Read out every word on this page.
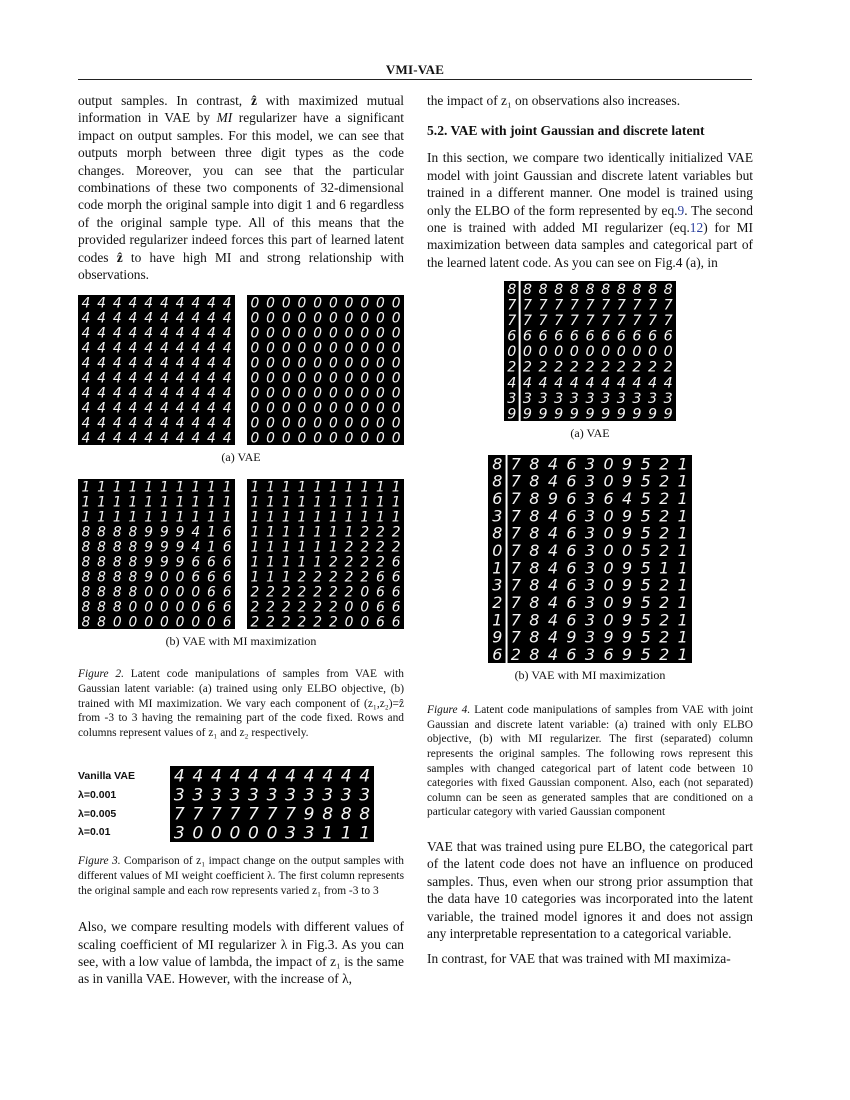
VMI-VAE

output samples. In contrast, ẑ with maximized mutual information in VAE by MI regularizer have a significant impact on output samples. For this model, we can see that outputs morph between three digit types as the code changes. Moreover, you can see that the particular combinations of these two components of 32-dimensional code morph the original sample into digit 1 and 6 regardless of the original sample type. All of this means that the provided regularizer indeed forces this part of learned latent codes ẑ to have high MI and strong relationship with observations.

4 4 4 4 4 4 4 4 4 4
4 4 4 4 4 4 4 4 4 4
4 4 4 4 4 4 4 4 4 4
4 4 4 4 4 4 4 4 4 4
4 4 4 4 4 4 4 4 4 4
4 4 4 4 4 4 4 4 4 4
4 4 4 4 4 4 4 4 4 4
4 4 4 4 4 4 4 4 4 4
4 4 4 4 4 4 4 4 4 4
4 4 4 4 4 4 4 4 4 4
0 0 0 0 0 0 0 0 0 0
0 0 0 0 0 0 0 0 0 0
0 0 0 0 0 0 0 0 0 0
0 0 0 0 0 0 0 0 0 0
0 0 0 0 0 0 0 0 0 0
0 0 0 0 0 0 0 0 0 0
0 0 0 0 0 0 0 0 0 0
0 0 0 0 0 0 0 0 0 0
0 0 0 0 0 0 0 0 0 0
0 0 0 0 0 0 0 0 0 0
(a) VAE
1 1 1 1 1 1 1 1 1 1
1 1 1 1 1 1 1 1 1 1
1 1 1 1 1 1 1 1 1 1
8 8 8 8 9 9 9 4 1 6
8 8 8 8 9 9 9 4 1 6
8 8 8 8 9 9 9 6 6 6
8 8 8 8 9 0 0 6 6 6
8 8 8 8 0 0 0 0 6 6
8 8 8 0 0 0 0 0 6 6
8 8 0 0 0 0 0 0 0 6
1 1 1 1 1 1 1 1 1 1
1 1 1 1 1 1 1 1 1 1
1 1 1 1 1 1 1 1 1 1
1 1 1 1 1 1 1 2 2 2
1 1 1 1 1 1 2 2 2 2
1 1 1 1 1 2 2 2 2 6
1 1 1 2 2 2 2 2 6 6
2 2 2 2 2 2 2 0 6 6
2 2 2 2 2 2 0 0 6 6
2 2 2 2 2 2 0 0 6 6
(b) VAE with MI maximization

Figure 2. Latent code manipulations of samples from VAE with Gaussian latent variable: (a) trained using only ELBO objective, (b) trained with MI maximization. We vary each component of (z₁,z₂)=ẑ from -3 to 3 having the remaining part of the code fixed. Rows and columns represent values of z₁ and z₂ respectively.

Vanilla VAE
λ=0.001
λ=0.005
λ=0.01
4 4 4 4 4 4 4 4 4 4 4
3 3 3 3 3 3 3 3 3 3 3
7 7 7 7 7 7 7 9 8 8 8
3 0 0 0 0 0 3 3 1 1 1

Figure 3. Comparison of z₁ impact change on the output samples with different values of MI weight coefficient λ. The first column represents the original sample and each row represents varied z₁ from -3 to 3

Also, we compare resulting models with different values of scaling coefficient of MI regularizer λ in Fig.3. As you can see, with a low value of lambda, the impact of z₁ is the same as in vanilla VAE. However, with the increase of λ,

the impact of z₁ on observations also increases.

5.2. VAE with joint Gaussian and discrete latent

In this section, we compare two identically initialized VAE model with joint Gaussian and discrete latent variables but trained in a different manner. One model is trained using only the ELBO of the form represented by eq.9. The second one is trained with added MI regularizer (eq.12) for MI maximization between data samples and categorical part of the learned latent code. As you can see on Fig.4 (a), in

8 8 8 8 8 8 8 8 8 8 8
7 7 7 7 7 7 7 7 7 7 7
7 7 7 7 7 7 7 7 7 7 7
6 6 6 6 6 6 6 6 6 6 6
0 0 0 0 0 0 0 0 0 0 0
2 2 2 2 2 2 2 2 2 2 2
4 4 4 4 4 4 4 4 4 4 4
3 3 3 3 3 3 3 3 3 3 3
9 9 9 9 9 9 9 9 9 9 9
(a) VAE
8 7 8 4 6 3 0 9 5 2 1
8 7 8 4 6 3 0 9 5 2 1
6 7 8 9 6 3 6 4 5 2 1
3 7 8 4 6 3 0 9 5 2 1
8 7 8 4 6 3 0 9 5 2 1
0 7 8 4 6 3 0 0 5 2 1
1 7 8 4 6 3 0 9 5 1 1
3 7 8 4 6 3 0 9 5 2 1
2 7 8 4 6 3 0 9 5 2 1
1 7 8 4 6 3 0 9 5 2 1
9 7 8 4 9 3 9 9 5 2 1
6 2 8 4 6 3 6 9 5 2 1
(b) VAE with MI maximization

Figure 4. Latent code manipulations of samples from VAE with joint Gaussian and discrete latent variable: (a) trained with only ELBO objective, (b) with MI regularizer. The first (separated) column represents the original samples. The following rows represent this samples with changed categorical part of latent code between 10 categories with fixed Gaussian component. Also, each (not separated) column can be seen as generated samples that are conditioned on a particular category with varied Gaussian component

VAE that was trained using pure ELBO, the categorical part of the latent code does not have an influence on produced samples. Thus, even when our strong prior assumption that the data have 10 categories was incorporated into the latent variable, the trained model ignores it and does not assign any interpretable representation to a categorical variable.

In contrast, for VAE that was trained with MI maximiza-
